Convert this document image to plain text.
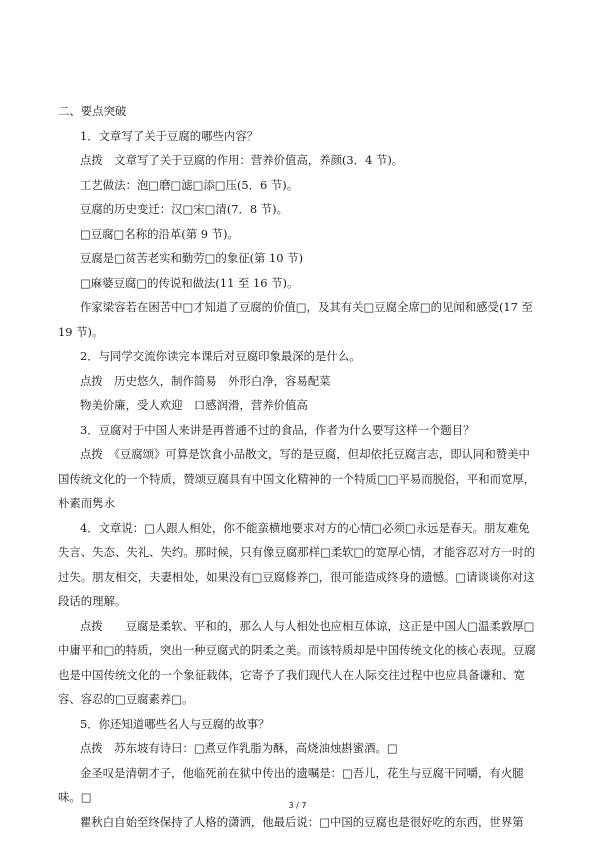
二、要点突破

1．文章写了关于豆腐的哪些内容？

点拨　文章写了关于豆腐的作用：营养价值高，养颜(3．4 节)。

工艺做法：泡□磨□滤□添□压(5．6 节)。

豆腐的历史变迁：汉□宋□清(7．8 节)。

□豆腐□名称的沿革(第 9 节)。

豆腐是□贫苦老实和勤劳□的象征(第 10 节)

□麻婆豆腐□的传说和做法(11 至 16 节)。

作家梁容若在困苦中□才知道了豆腐的价值□，及其有关□豆腐全席□的见闻和感受(17 至 19 节)。

2．与同学交流你读完本课后对豆腐印象最深的是什么。

点拨　历史悠久，制作简易　外形白净，容易配菜

物美价廉，受人欢迎　口感润滑，营养价值高

3．豆腐对于中国人来讲是再普通不过的食品，作者为什么要写这样一个题目？

点拨　《豆腐颂》可算是饮食小品散文，写的是豆腐，但却依托豆腐言志，即认同和赞美中国传统文化的一个特质，赞颂豆腐具有中国文化精神的一个特质□□平易而脱俗，平和而宽厚，朴素而隽永

4．文章说：□人跟人相处，你不能蛮横地要求对方的心情□必须□永远是春天。朋友难免失言、失态、失礼、失约。那时候，只有像豆腐那样□柔软□的宽厚心情，才能容忍对方一时的过失。朋友相交，夫妻相处，如果没有□豆腐修养□，很可能造成终身的遗憾。□请谈谈你对这段话的理解。

点拨　　豆腐是柔软、平和的，那么人与人相处也应相互体谅，这正是中国人□温柔敦厚□中庸平和□的特质，突出一种豆腐式的阴柔之美。而该特质却是中国传统文化的核心表现。豆腐也是中国传统文化的一个象征载体，它寄予了我们现代人在人际交往过程中也应具备谦和、宽容、容忍的□豆腐素养□。

5．你还知道哪些名人与豆腐的故事？

点拨　苏东坡有诗曰：□煮豆作乳脂为酥，高烧油烛斟蜜酒。□

金圣叹是清朝才子，他临死前在狱中传出的遗嘱是：□吾儿，花生与豆腐干同嚼，有火腿味。□

瞿秋白自始至终保持了人格的潇洒，他最后说：□中国的豆腐也是很好吃的东西，世界第

3 / 7
